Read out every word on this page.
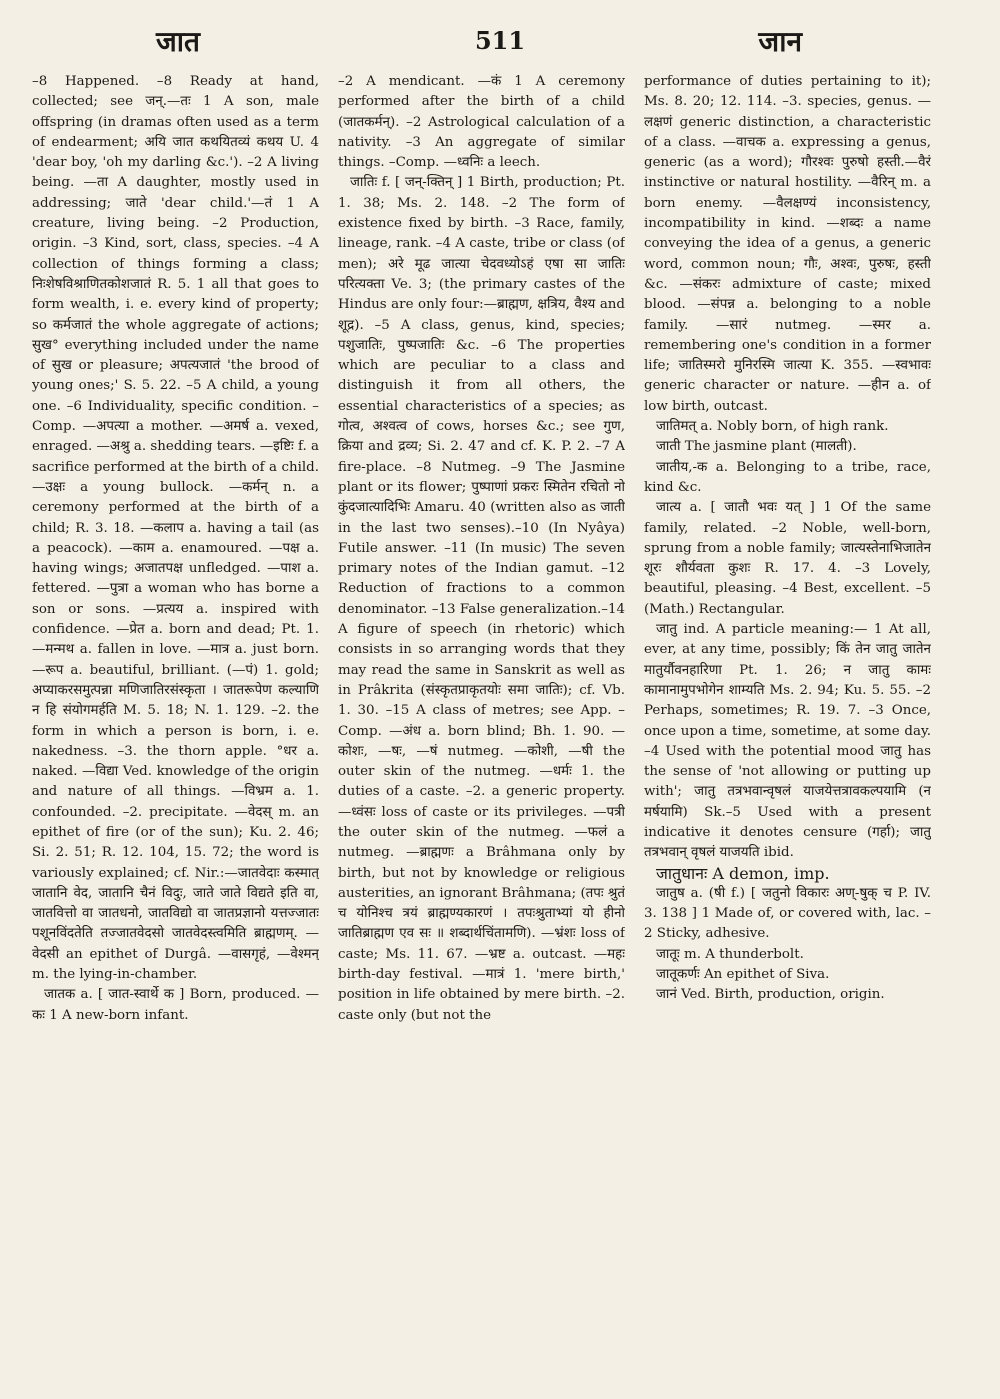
जात	511	जान

–8 Happened. –8 Ready at hand, collected; see जन्.—तः 1 A son, male offspring (in dramas often used as a term of endearment; अयि जात कथयितव्यं कथय U. 4 'dear boy, 'oh my darling &c.'). –2 A living being. —ता A daughter, mostly used in addressing; जाते 'dear child.'—तं 1 A creature, living being. –2 Production, origin. –3 Kind, sort, class, species. –4 A collection of things forming a class; निःशेषविश्राणितकोशजातं R. 5. 1 all that goes to form wealth, i. e. every kind of property; so कर्मजातं the whole aggregate of actions; सुख° everything included under the name of सुख or pleasure; अपत्यजातं 'the brood of young ones;' S. 5. 22. –5 A child, a young one. –6 Individuality, specific condition. –Comp. —अपत्या a mother. —अमर्ष a. vexed, enraged. —अश्रु a. shedding tears. —इष्टिः f. a sacrifice performed at the birth of a child. —उक्षः a young bullock. —कर्मन् n. a ceremony performed at the birth of a child; R. 3. 18. —कलाप a. having a tail (as a peacock). —काम a. enamoured. —पक्ष a. having wings; अजातपक्ष unfledged. —पाश a. fettered. —पुत्रा a woman who has borne a son or sons. —प्रत्यय a. inspired with confidence. —प्रेत a. born and dead; Pt. 1. —मन्मथ a. fallen in love. —मात्र a. just born. —रूप a. beautiful, brilliant. (—पं) 1. gold; अप्याकरसमुत्पन्ना मणिजातिरसंस्कृता । जातरूपेण कल्याणि न हि संयोगमर्हति M. 5. 18; N. 1. 129. –2. the form in which a person is born, i. e. nakedness. –3. the thorn apple. °धर a. naked. —विद्या Ved. knowledge of the origin and nature of all things. —विभ्रम a. 1. confounded. –2. precipitate. —वेदस् m. an epithet of fire (or of the sun); Ku. 2. 46; Si. 2. 51; R. 12. 104, 15. 72; the word is variously explained; cf. Nir.:—जातवेदाः कस्मात् जातानि वेद, जातानि चैनं विदुः, जाते जाते विद्यते इति वा, जातवित्तो वा जातधनो, जातविद्यो वा जातप्रज्ञानो यत्तज्जातः पशूनविंदतेति तज्जातवेदसो जातवेदस्त्वमिति ब्राह्मणम्. —वेदसी an epithet of Durgâ. —वासगृहं, —वेश्मन् m. the lying-in-chamber.

जातक a. [ जात-स्वार्थे क ] Born, produced. —कः 1 A new-born infant.

–2 A mendicant. —कं 1 A ceremony performed after the birth of a child (जातकर्मन्). –2 Astrological calculation of a nativity. –3 An aggregate of similar things. –Comp. —ध्वनिः a leech.

जातिः f. [ जन्-क्तिन् ] 1 Birth, production; Pt. 1. 38; Ms. 2. 148. –2 The form of existence fixed by birth. –3 Race, family, lineage, rank. –4 A caste, tribe or class (of men); अरे मूढ जात्या चेदवध्योऽहं एषा सा जातिः परित्यक्ता Ve. 3; (the primary castes of the Hindus are only four:—ब्राह्मण, क्षत्रिय, वैश्य and शूद्र). –5 A class, genus, kind, species; पशुजातिः, पुष्पजातिः &c. –6 The properties which are peculiar to a class and distinguish it from all others, the essential characteristics of a species; as गोत्व, अश्वत्व of cows, horses &c.; see गुण, क्रिया and द्रव्य; Si. 2. 47 and cf. K. P. 2. –7 A fire-place. –8 Nutmeg. –9 The Jasmine plant or its flower; पुष्पाणां प्रकरः स्मितेन रचितो नो कुंदजात्यादिभिः Amaru. 40 (written also as जाती in the last two senses).–10 (In Nyâya) Futile answer. –11 (In music) The seven primary notes of the Indian gamut. –12 Reduction of fractions to a common denominator. –13 False generalization.–14 A figure of speech (in rhetoric) which consists in so arranging words that they may read the same in Sanskrit as well as in Prâkrita (संस्कृतप्राकृतयोः समा जातिः); cf. Vb. 1. 30. –15 A class of metres; see App. –Comp. —अंध a. born blind; Bh. 1. 90. —कोशः, —षः, —षं nutmeg. —कोशी, —षी the outer skin of the nutmeg. —धर्मः 1. the duties of a caste. –2. a generic property. —ध्वंसः loss of caste or its privileges. —पत्री the outer skin of the nutmeg. —फलं a nutmeg. —ब्राह्मणः a Brâhmana only by birth, but not by knowledge or religious austerities, an ignorant Brâhmana; (तपः श्रुतं च योनिश्च त्रयं ब्राह्मण्यकारणं । तपःश्रुताभ्यां यो हीनो जातिब्राह्मण एव सः ॥ शब्दार्थचिंतामणि). —भ्रंशः loss of caste; Ms. 11. 67. —भ्रष्ट a. outcast. —महः birth-day festival. —मात्रं 1. 'mere birth,' position in life obtained by mere birth. –2. caste only (but not the

performance of duties pertaining to it); Ms. 8. 20; 12. 114. –3. species, genus. —लक्षणं generic distinction, a characteristic of a class. —वाचक a. expressing a genus, generic (as a word); गौरश्वः पुरुषो हस्ती.—वैरं instinctive or natural hostility. —वैरिन् m. a born enemy. —वैलक्षण्यं inconsistency, incompatibility in kind. —शब्दः a name conveying the idea of a genus, a generic word, common noun; गौः, अश्वः, पुरुषः, हस्ती &c. —संकरः admixture of caste; mixed blood. —संपन्न a. belonging to a noble family. —सारं nutmeg. —स्मर a. remembering one's condition in a former life; जातिस्मरो मुनिरस्मि जात्या K. 355. —स्वभावः generic character or nature. —हीन a. of low birth, outcast.

जातिमत् a. Nobly born, of high rank.

जाती The jasmine plant (मालती).

जातीय,-क a. Belonging to a tribe, race, kind &c.

जात्य a. [ जातौ भवः यत् ] 1 Of the same family, related. –2 Noble, well-born, sprung from a noble family; जात्यस्तेनाभिजातेन शूरः शौर्यवता कुशः R. 17. 4. –3 Lovely, beautiful, pleasing. –4 Best, excellent. –5 (Math.) Rectangular.

जातु ind. A particle meaning:— 1 At all, ever, at any time, possibly; किं तेन जातु जातेन मातुर्यौवनहारिणा Pt. 1. 26; न जातु कामः कामानामुपभोगेन शाम्यति Ms. 2. 94; Ku. 5. 55. –2 Perhaps, sometimes; R. 19. 7. –3 Once, once upon a time, sometime, at some day. –4 Used with the potential mood जातु has the sense of 'not allowing or putting up with'; जातु तत्रभवान्वृषलं याजयेत्तत्रावकल्पयामि (न मर्षयामि) Sk.–5 Used with a present indicative it denotes censure (गर्हा); जातु तत्रभवान् वृषलं याजयति ibid.

जातुधानः A demon, imp.

जातुष a. (षी f.) [ जतुनो विकारः अण्-षुक् च P. IV. 3. 138 ] 1 Made of, or covered with, lac. –2 Sticky, adhesive.

जातूः m. A thunderbolt.

जातूकर्णः An epithet of Siva.

जानं Ved. Birth, production, origin.
